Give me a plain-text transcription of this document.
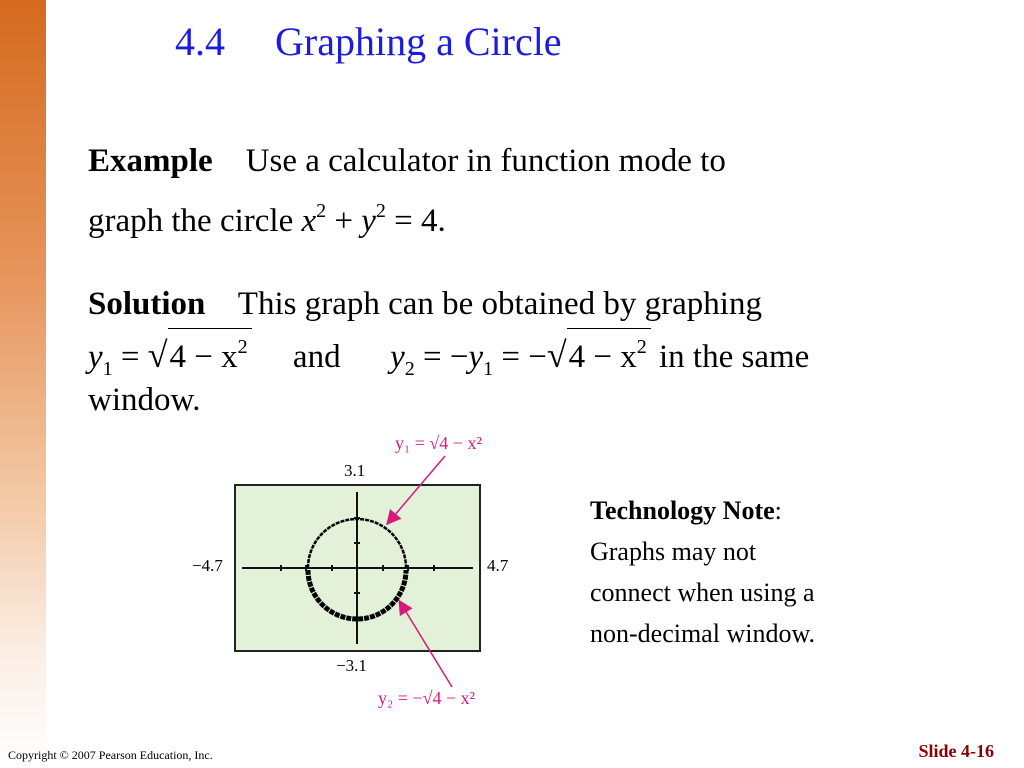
4.4 Graphing a Circle
Example Use a calculator in function mode to
graph the circle $x^2 + y^2 = 4$.
Solution This graph can be obtained by graphing
$y_1 = √4 - x^2$ and $y_2 = -y_1 = -√4 - x^2$ in the same
window.
y₁ = √4 − x²
3.1
−4.7	4.7
−3.1
y₂ = −√4 − x²
Technology Note:
Graphs may not
connect when using a
non-decimal window.
Copyright © 2007 Pearson Education, Inc.	Slide 4-16
